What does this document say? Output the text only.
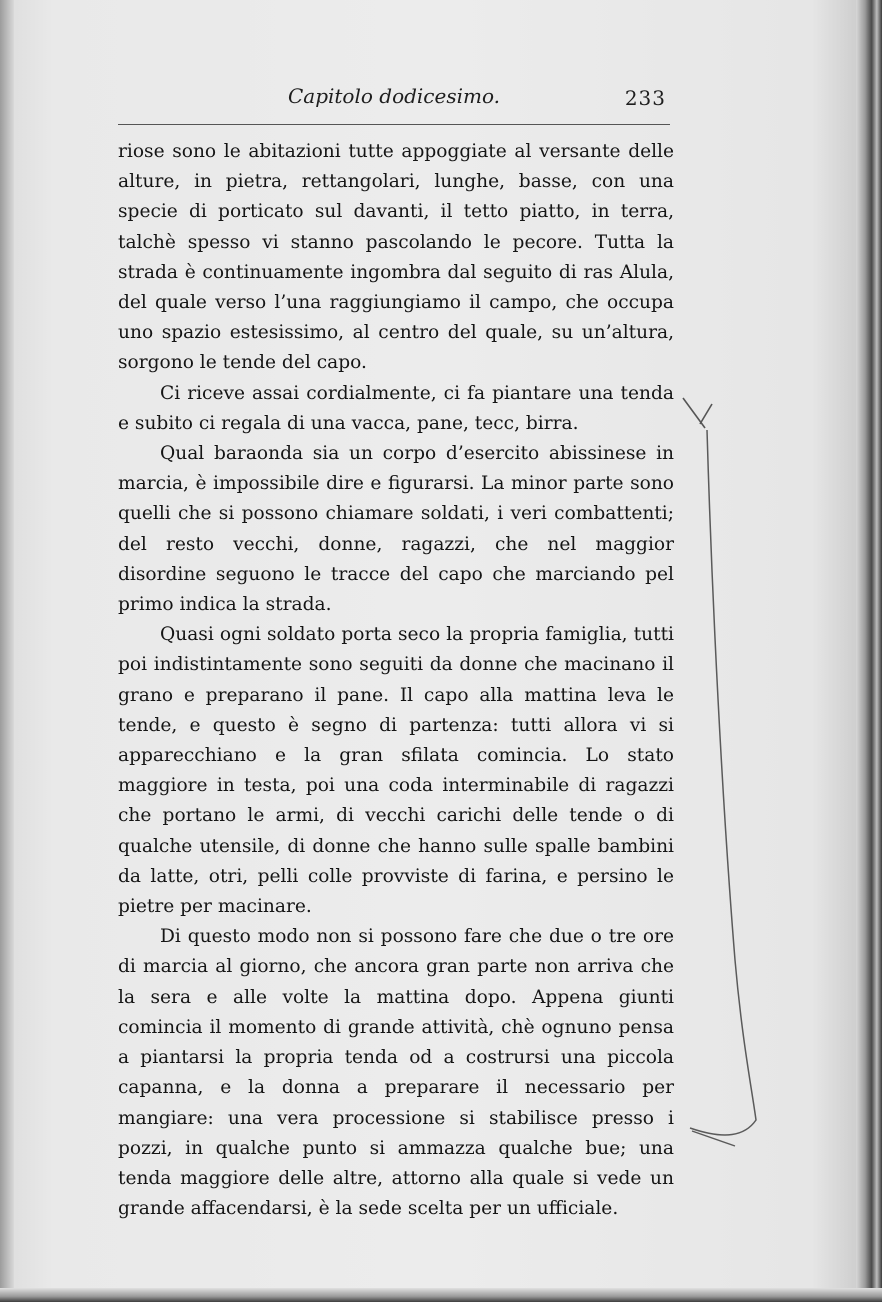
Capitolo dodicesimo.	233

riose sono le abitazioni tutte appoggiate al versante delle alture, in pietra, rettangolari, lunghe, basse, con una specie di porticato sul davanti, il tetto piatto, in terra, talchè spesso vi stanno pascolando le pecore. Tutta la strada è continuamente ingombra dal seguito di ras Alula, del quale verso l’una raggiungiamo il campo, che occupa uno spazio estesissimo, al centro del quale, su un’altura, sorgono le tende del capo.

Ci riceve assai cordialmente, ci fa piantare una tenda e subito ci regala di una vacca, pane, tecc, birra.

Qual baraonda sia un corpo d’esercito abissinese in marcia, è impossibile dire e figurarsi. La minor parte sono quelli che si possono chiamare soldati, i veri combattenti; del resto vecchi, donne, ragazzi, che nel maggior disordine seguono le tracce del capo che marciando pel primo indica la strada.

Quasi ogni soldato porta seco la propria famiglia, tutti poi indistintamente sono seguiti da donne che macinano il grano e preparano il pane. Il capo alla mattina leva le tende, e questo è segno di partenza: tutti allora vi si apparecchiano e la gran sfilata comincia. Lo stato maggiore in testa, poi una coda interminabile di ragazzi che portano le armi, di vecchi carichi delle tende o di qualche utensile, di donne che hanno sulle spalle bambini da latte, otri, pelli colle provviste di farina, e persino le pietre per macinare.

Di questo modo non si possono fare che due o tre ore di marcia al giorno, che ancora gran parte non arriva che la sera e alle volte la mattina dopo. Appena giunti comincia il momento di grande attività, chè ognuno pensa a piantarsi la propria tenda od a costrursi una piccola capanna, e la donna a preparare il necessario per mangiare: una vera processione si stabilisce presso i pozzi, in qualche punto si ammazza qualche bue; una tenda maggiore delle altre, attorno alla quale si vede un grande affacendarsi, è la sede scelta per un ufficiale.
